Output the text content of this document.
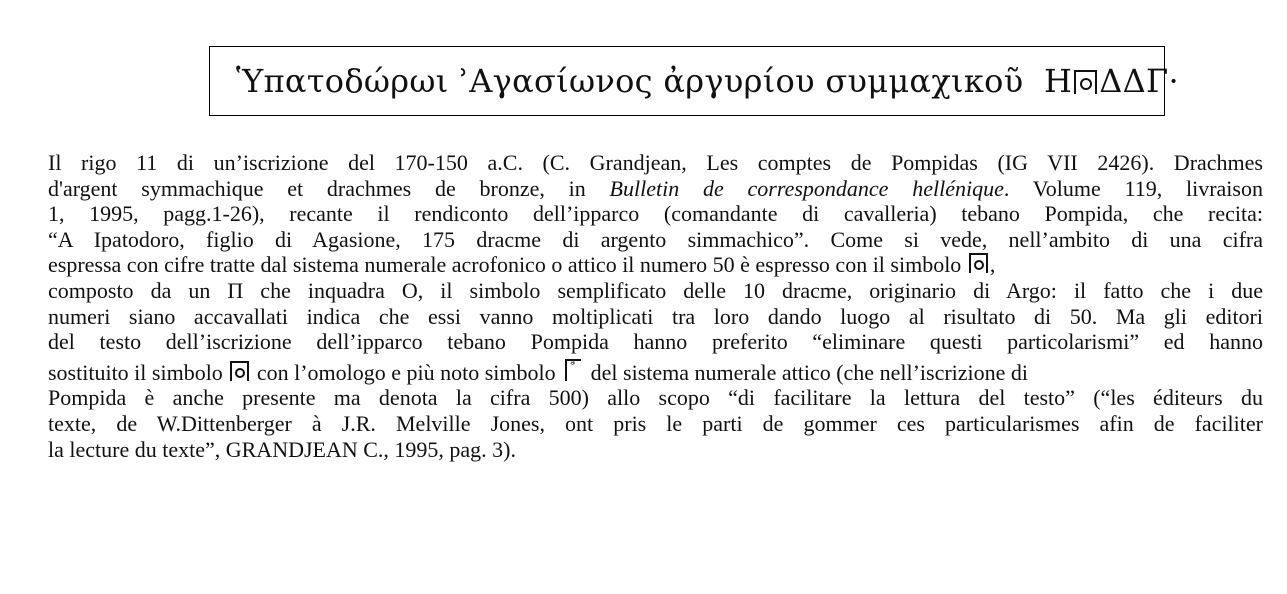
Ὑπατοδώρωι ʾΑγασίωνος ἀργυρίου συμμαχικοῦ H ΔΔΓ·
Il rigo 11 di un’iscrizione del 170-150 a.C. (C. Grandjean, Les comptes de Pompidas (IG VII 2426). Drachmes
d'argent symmachique et drachmes de bronze, in Bulletin de correspondance hellénique. Volume 119, livraison
1, 1995, pagg.1-26), recante il rendiconto dell’ipparco (comandante di cavalleria) tebano Pompida, che recita:
“A Ipatodoro, figlio di Agasione, 175 dracme di argento simmachico”. Come si vede, nell’ambito di una cifra
espressa con cifre tratte dal sistema numerale acrofonico o attico il numero 50 è espresso con il simbolo ,
composto da un Π che inquadra O, il simbolo semplificato delle 10 dracme, originario di Argo: il fatto che i due
numeri siano accavallati indica che essi vanno moltiplicati tra loro dando luogo al risultato di 50. Ma gli editori
del testo dell’iscrizione dell’ipparco tebano Pompida hanno preferito “eliminare questi particolarismi” ed hanno
sostituito il simbolo con l’omologo e più noto simbolo ᵃ del sistema numerale attico (che nell’iscrizione di
Pompida è anche presente ma denota la cifra 500) allo scopo “di facilitare la lettura del testo” (“les éditeurs du
texte, de W.Dittenberger à J.R. Melville Jones, ont pris le parti de gommer ces particularismes afin de faciliter
la lecture du texte”, GRANDJEAN C., 1995, pag. 3).
